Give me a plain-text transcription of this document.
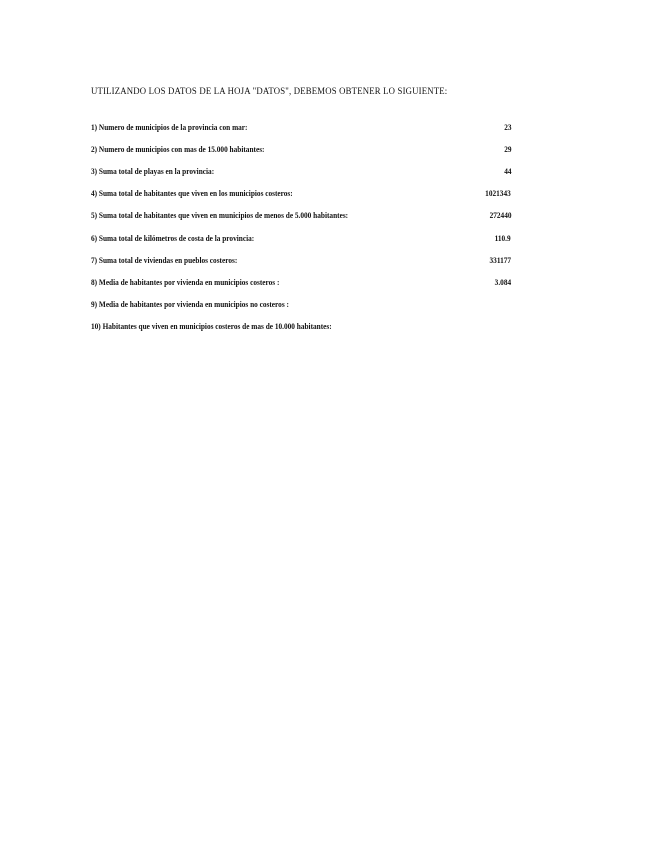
UTILIZANDO LOS DATOS DE LA HOJA "DATOS", DEBEMOS OBTENER LO SIGUIENTE:
1) Numero de municipios de la provincia con mar:	23
2) Numero de municipios con mas de 15.000 habitantes:	29
3) Suma total de playas en la provincia:	44
4) Suma total de habitantes que viven en los municipios costeros:	1021343
5) Suma total de habitantes que viven en municipios de menos de 5.000 habitantes:	272440
6) Suma total de kilómetros de costa de la provincia:	110.9
7) Suma total de viviendas en pueblos costeros:	331177
8) Media de habitantes por vivienda en municipios costeros :	3.084
9) Media de habitantes por vivienda en municipios no costeros :
10) Habitantes que viven en municipios costeros de mas de 10.000 habitantes:
